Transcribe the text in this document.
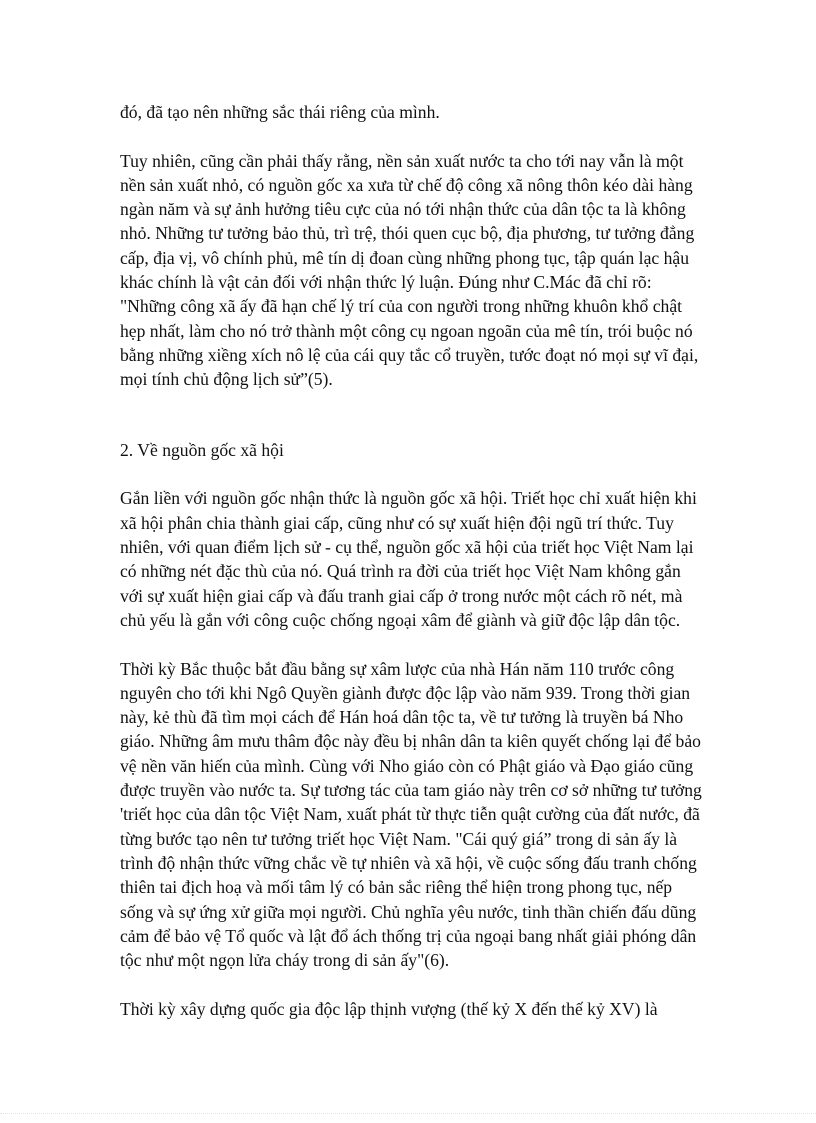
đó, đã tạo nên những sắc thái riêng của mình.

Tuy nhiên, cũng cần phải thấy rằng, nền sản xuất nước ta cho tới nay vẫn là một nền sản xuất nhỏ, có nguồn gốc xa xưa từ chế độ công xã nông thôn kéo dài hàng ngàn năm và sự ảnh hưởng tiêu cực của nó tới nhận thức của dân tộc ta là không nhỏ. Những tư tưởng bảo thủ, trì trệ, thói quen cục bộ, địa phương, tư tưởng đẳng cấp, địa vị, vô chính phủ, mê tín dị đoan cùng những phong tục, tập quán lạc hậu khác chính là vật cản đối với nhận thức lý luận. Đúng như C.Mác đã chỉ rõ: "Những công xã ấy đã hạn chế lý trí của con người trong những khuôn khổ chật hẹp nhất, làm cho nó trở thành một công cụ ngoan ngoãn của mê tín, trói buộc nó bằng những xiềng xích nô lệ của cái quy tắc cổ truyền, tước đoạt nó mọi sự vĩ đại, mọi tính chủ động lịch sử”(5).

2. Về nguồn gốc xã hội

Gắn liền với nguồn gốc nhận thức là nguồn gốc xã hội. Triết học chỉ xuất hiện khi xã hội phân chia thành giai cấp, cũng như có sự xuất hiện đội ngũ trí thức. Tuy nhiên, với quan điểm lịch sử - cụ thể, nguồn gốc xã hội của triết học Việt Nam lại có những nét đặc thù của nó. Quá trình ra đời của triết học Việt Nam không gắn với sự xuất hiện giai cấp và đấu tranh giai cấp ở trong nước một cách rõ nét, mà chủ yếu là gắn với công cuộc chống ngoại xâm để giành và giữ độc lập dân tộc.

Thời kỳ Bắc thuộc bắt đầu bằng sự xâm lược của nhà Hán năm 110 trước công nguyên cho tới khi Ngô Quyền giành được độc lập vào năm 939. Trong thời gian này, kẻ thù đã tìm mọi cách để Hán hoá dân tộc ta, về tư tưởng là truyền bá Nho giáo. Những âm mưu thâm độc này đều bị nhân dân ta kiên quyết chống lại để bảo vệ nền văn hiến của mình. Cùng với Nho giáo còn có Phật giáo và Đạo giáo cũng được truyền vào nước ta. Sự tương tác của tam giáo này trên cơ sở những tư tưởng 'triết học của dân tộc Việt Nam, xuất phát từ thực tiễn quật cường của đất nước, đã từng bước tạo nên tư tưởng triết học Việt Nam. "Cái quý giá” trong di sản ấy là trình độ nhận thức vững chắc về tự nhiên và xã hội, về cuộc sống đấu tranh chống thiên tai địch hoạ và mối tâm lý có bản sắc riêng thể hiện trong phong tục, nếp sống và sự ứng xử giữa mọi người. Chủ nghĩa yêu nước, tinh thần chiến đấu dũng cảm để bảo vệ Tổ quốc và lật đổ ách thống trị của ngoại bang nhất giải phóng dân tộc như một ngọn lửa cháy trong di sản ấy"(6).

Thời kỳ xây dựng quốc gia độc lập thịnh vượng (thế kỷ X đến thế kỷ XV) là
